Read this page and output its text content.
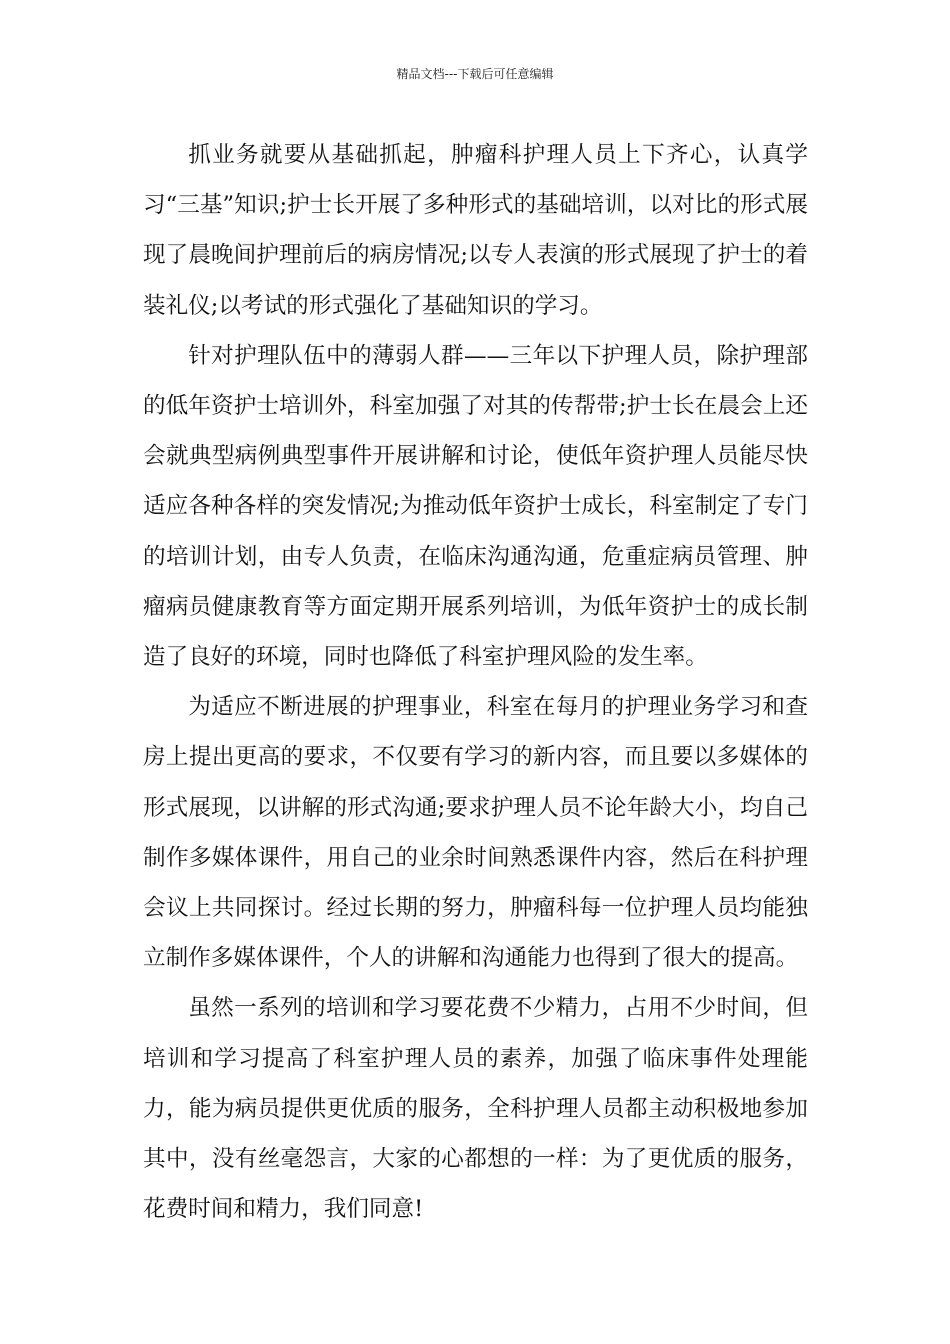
精品文档---下载后可任意编辑

抓业务就要从基础抓起，肿瘤科护理人员上下齐心，认真学习“三基”知识;护士长开展了多种形式的基础培训，以对比的形式展现了晨晚间护理前后的病房情况;以专人表演的形式展现了护士的着装礼仪;以考试的形式强化了基础知识的学习。

针对护理队伍中的薄弱人群——三年以下护理人员，除护理部的低年资护士培训外，科室加强了对其的传帮带;护士长在晨会上还会就典型病例典型事件开展讲解和讨论，使低年资护理人员能尽快适应各种各样的突发情况;为推动低年资护士成长，科室制定了专门的培训计划，由专人负责，在临床沟通沟通，危重症病员管理、肿瘤病员健康教育等方面定期开展系列培训，为低年资护士的成长制造了良好的环境，同时也降低了科室护理风险的发生率。

为适应不断进展的护理事业，科室在每月的护理业务学习和查房上提出更高的要求，不仅要有学习的新内容，而且要以多媒体的形式展现，以讲解的形式沟通;要求护理人员不论年龄大小，均自己制作多媒体课件，用自己的业余时间熟悉课件内容，然后在科护理会议上共同探讨。经过长期的努力，肿瘤科每一位护理人员均能独立制作多媒体课件，个人的讲解和沟通能力也得到了很大的提高。

虽然一系列的培训和学习要花费不少精力，占用不少时间，但培训和学习提高了科室护理人员的素养，加强了临床事件处理能力，能为病员提供更优质的服务，全科护理人员都主动积极地参加其中，没有丝毫怨言，大家的心都想的一样：为了更优质的服务，花费时间和精力，我们同意!
